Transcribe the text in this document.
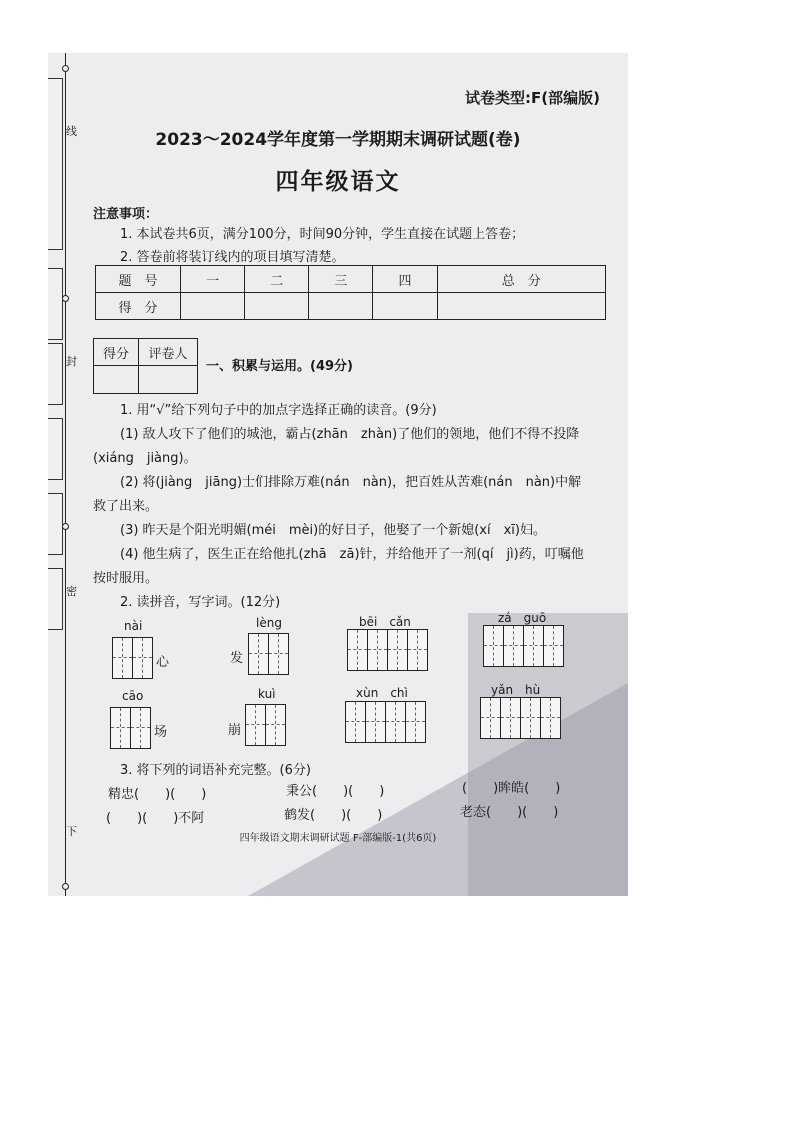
线
封
密
下
试卷类型:F(部编版)
2023～2024学年度第一学期期末调研试题(卷)
四年级语文
注意事项：
1. 本试卷共6页，满分100分，时间90分钟，学生直接在试题上答卷；
2. 答卷前将装订线内的项目填写清楚。
题　号	一	二	三	四	总　分
得　分					
得分	评卷人

一、积累与运用。(49分)
1. 用“√”给下列句子中的加点字选择正确的读音。(9分)
(1) 敌人攻下了他们的城池，霸占(zhān　zhàn)了他们的领地，他们不得不投降
(xiáng　jiàng)。
(2) 将(jiàng　jiāng)士们排除万难(nán　nàn)，把百姓从苦难(nán　nàn)中解
救了出来。
(3) 昨天是个阳光明媚(méi　mèi)的好日子，他娶了一个新媳(xí　xī)妇。
(4) 他生病了，医生正在给他扎(zhā　zā)针，并给他开了一剂(qí　jì)药，叮嘱他
按时服用。
2. 读拼音，写字词。(12分)
nài
心
lèng
发
bēi　cǎn	zá　guō
cāo
场
kuì
崩
xùn　chì	yǎn　hù
3. 将下列的词语补充完整。(6分)
精忠(　　)(　　)	秉公(　　)(　　)	(　　)眸皓(　　)
(　　)(　　)不阿	鹤发(　　)(　　)	老态(　　)(　　)
四年级语文期末调研试题 F-部编版-1(共6页)
